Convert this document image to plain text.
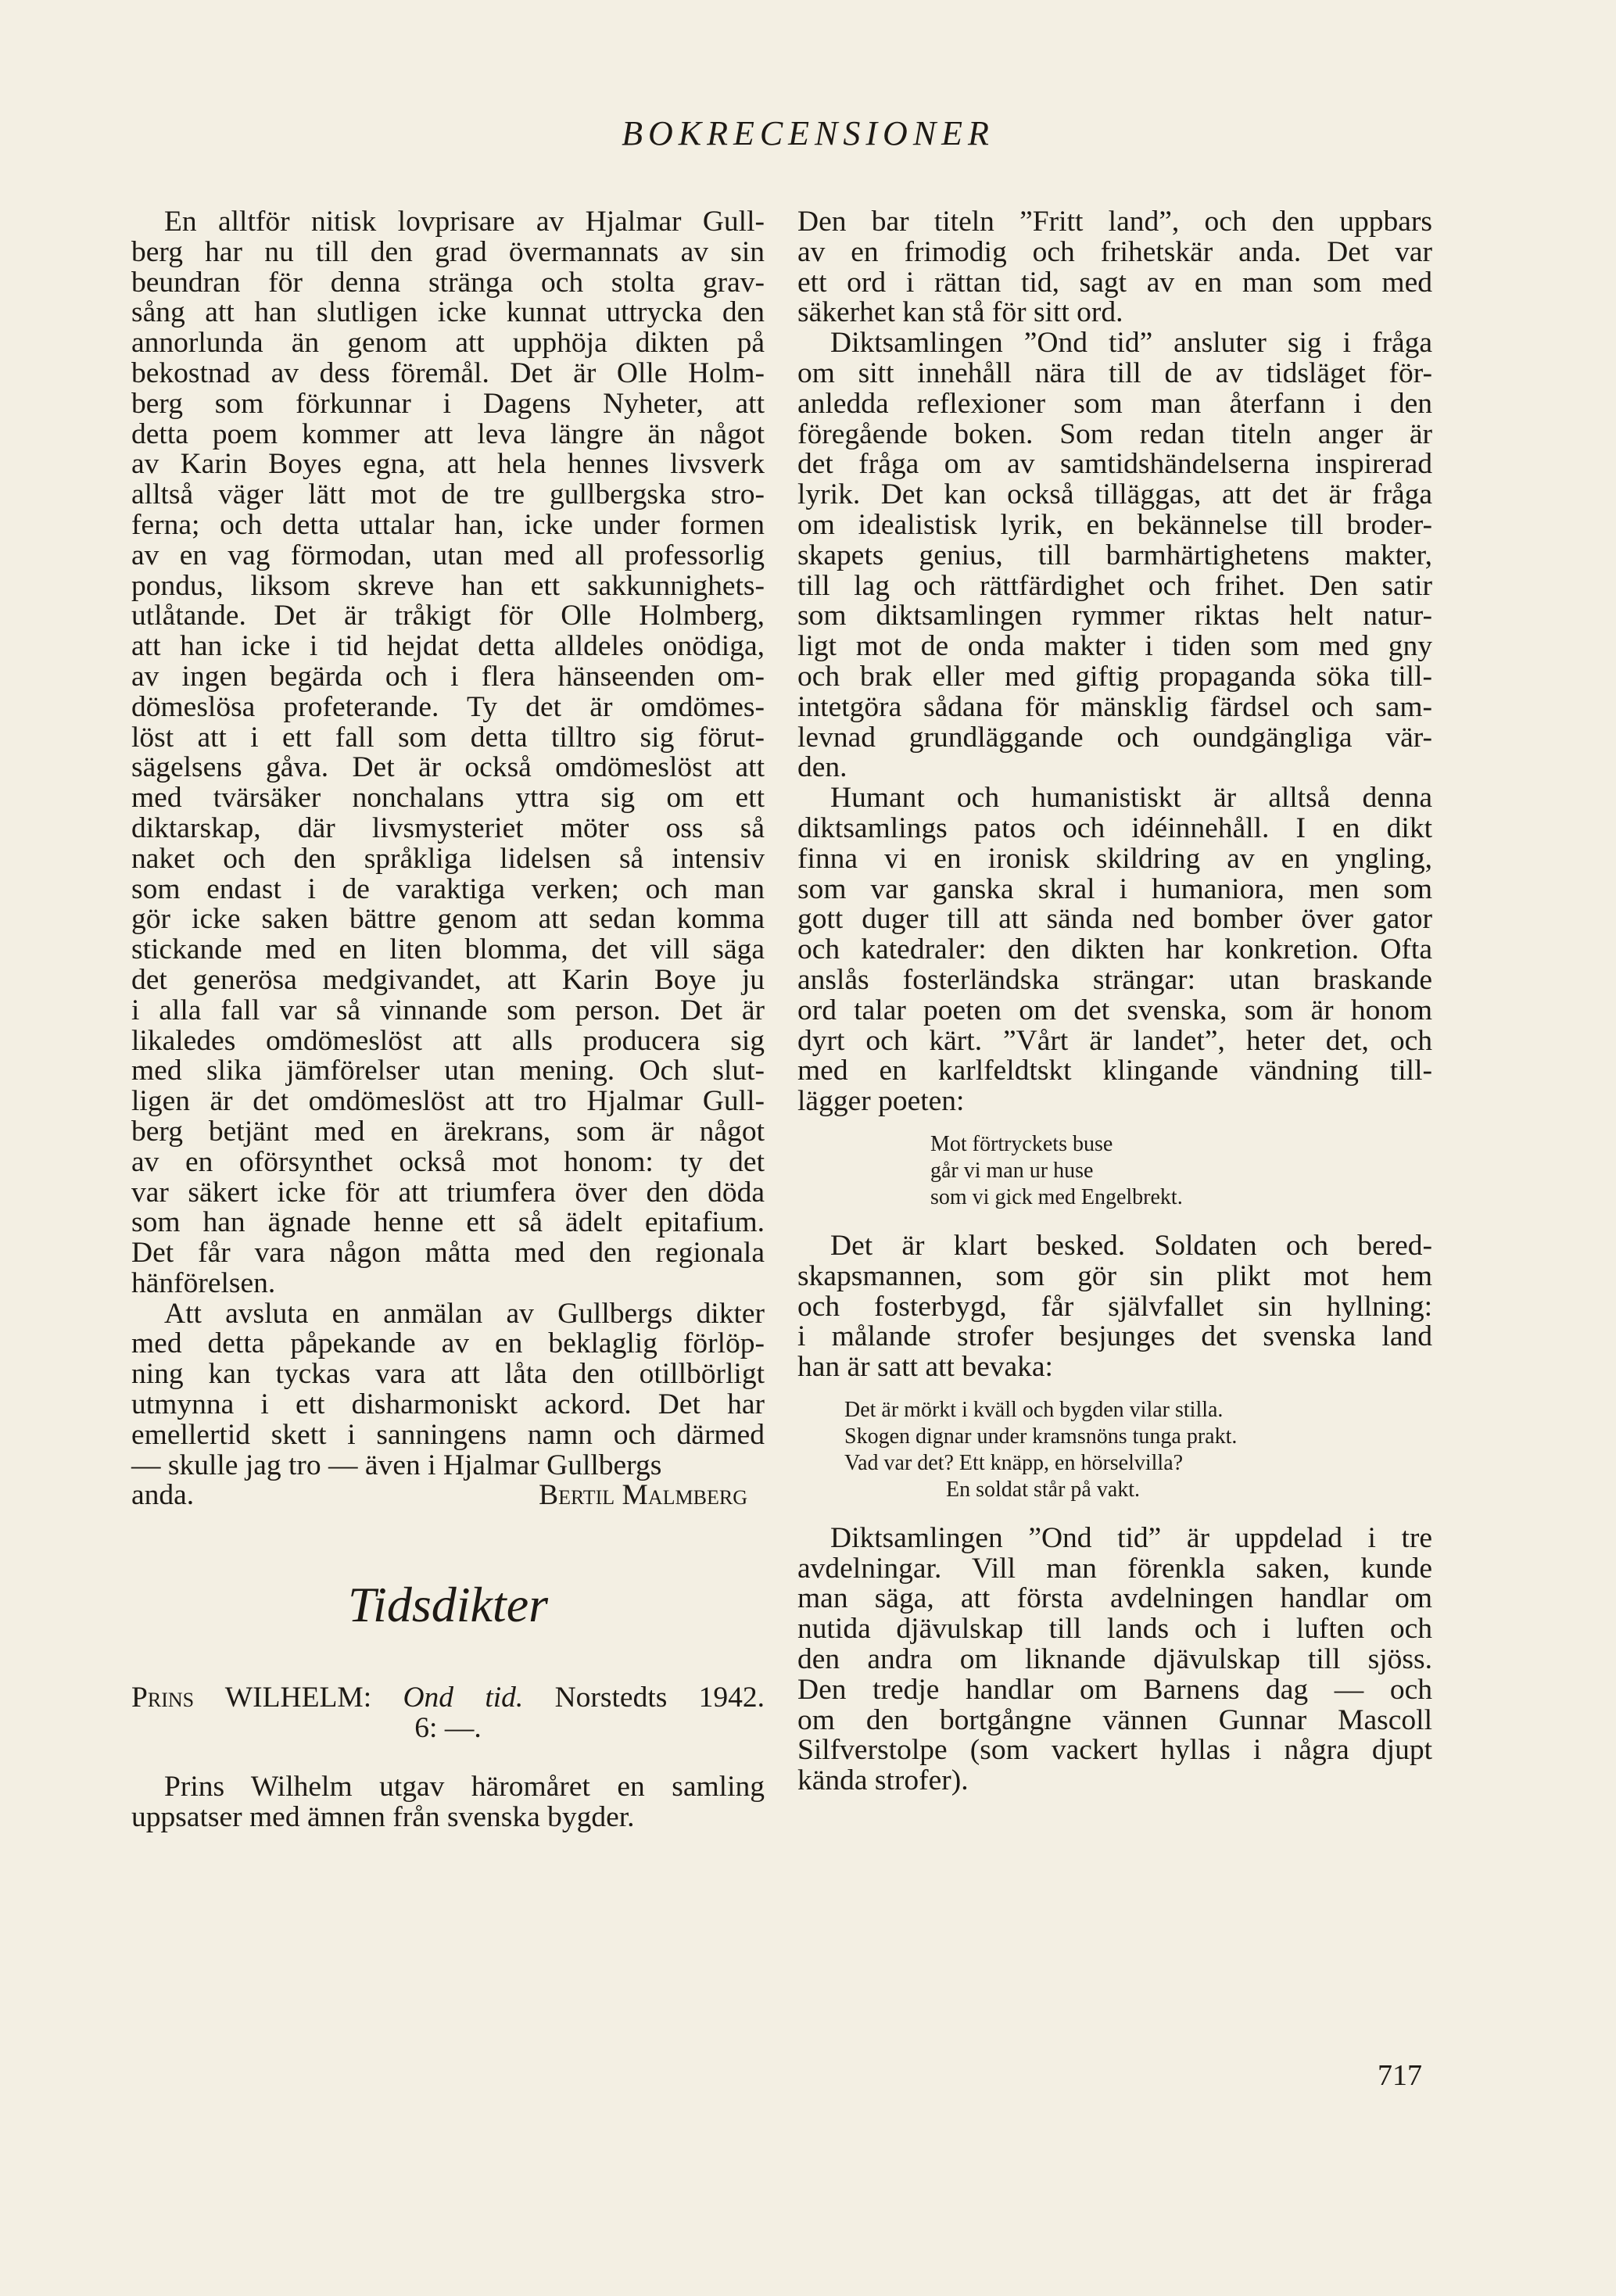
BOKRECENSIONER
En alltför nitisk lovprisare av Hjalmar Gull-
berg har nu till den grad övermannats av sin
beundran för denna stränga och stolta grav-
sång att han slutligen icke kunnat uttrycka den
annorlunda än genom att upphöja dikten på
bekostnad av dess föremål. Det är Olle Holm-
berg som förkunnar i Dagens Nyheter, att
detta poem kommer att leva längre än något
av Karin Boyes egna, att hela hennes livsverk
alltså väger lätt mot de tre gullbergska stro-
ferna; och detta uttalar han, icke under formen
av en vag förmodan, utan med all professorlig
pondus, liksom skreve han ett sakkunnighets-
utlåtande. Det är tråkigt för Olle Holmberg,
att han icke i tid hejdat detta alldeles onödiga,
av ingen begärda och i flera hänseenden om-
dömeslösa profeterande. Ty det är omdömes-
löst att i ett fall som detta tilltro sig förut-
sägelsens gåva. Det är också omdömeslöst att
med tvärsäker nonchalans yttra sig om ett
diktarskap, där livsmysteriet möter oss så
naket och den språkliga lidelsen så intensiv
som endast i de varaktiga verken; och man
gör icke saken bättre genom att sedan komma
stickande med en liten blomma, det vill säga
det generösa medgivandet, att Karin Boye ju
i alla fall var så vinnande som person. Det är
likaledes omdömeslöst att alls producera sig
med slika jämförelser utan mening. Och slut-
ligen är det omdömeslöst att tro Hjalmar Gull-
berg betjänt med en ärekrans, som är något
av en oförsynthet också mot honom: ty det
var säkert icke för att triumfera över den döda
som han ägnade henne ett så ädelt epitafium.
Det får vara någon måtta med den regionala
hänförelsen.
Att avsluta en anmälan av Gullbergs dikter
med detta påpekande av en beklaglig förlöp-
ning kan tyckas vara att låta den otillbörligt
utmynna i ett disharmoniskt ackord. Det har
emellertid skett i sanningens namn och därmed
— skulle jag tro — även i Hjalmar Gullbergs
anda.	Bertil Malmberg
Tidsdikter
Prins WILHELM: Ond tid. Norstedts 1942.
6: —.
Prins Wilhelm utgav häromåret en samling
uppsatser med ämnen från svenska bygder.
Den bar titeln ”Fritt land”, och den uppbars
av en frimodig och frihetskär anda. Det var
ett ord i rättan tid, sagt av en man som med
säkerhet kan stå för sitt ord.
Diktsamlingen ”Ond tid” ansluter sig i fråga
om sitt innehåll nära till de av tidsläget för-
anledda reflexioner som man återfann i den
föregående boken. Som redan titeln anger är
det fråga om av samtidshändelserna inspirerad
lyrik. Det kan också tilläggas, att det är fråga
om idealistisk lyrik, en bekännelse till broder-
skapets genius, till barmhärtighetens makter,
till lag och rättfärdighet och frihet. Den satir
som diktsamlingen rymmer riktas helt natur-
ligt mot de onda makter i tiden som med gny
och brak eller med giftig propaganda söka till-
intetgöra sådana för mänsklig färdsel och sam-
levnad grundläggande och oundgängliga vär-
den.
Humant och humanistiskt är alltså denna
diktsamlings patos och idéinnehåll. I en dikt
finna vi en ironisk skildring av en yngling,
som var ganska skral i humaniora, men som
gott duger till att sända ned bomber över gator
och katedraler: den dikten har konkretion. Ofta
anslås fosterländska strängar: utan braskande
ord talar poeten om det svenska, som är honom
dyrt och kärt. ”Vårt är landet”, heter det, och
med en karlfeldtskt klingande vändning till-
lägger poeten:
Mot förtryckets buse
går vi man ur huse
som vi gick med Engelbrekt.
Det är klart besked. Soldaten och bered-
skapsmannen, som gör sin plikt mot hem
och fosterbygd, får självfallet sin hyllning:
i målande strofer besjunges det svenska land
han är satt att bevaka:
Det är mörkt i kväll och bygden vilar stilla.
Skogen dignar under kramsnöns tunga prakt.
Vad var det? Ett knäpp, en hörselvilla?
En soldat står på vakt.
Diktsamlingen ”Ond tid” är uppdelad i tre
avdelningar. Vill man förenkla saken, kunde
man säga, att första avdelningen handlar om
nutida djävulskap till lands och i luften och
den andra om liknande djävulskap till sjöss.
Den tredje handlar om Barnens dag — och
om den bortgångne vännen Gunnar Mascoll
Silfverstolpe (som vackert hyllas i några djupt
kända strofer).
717
